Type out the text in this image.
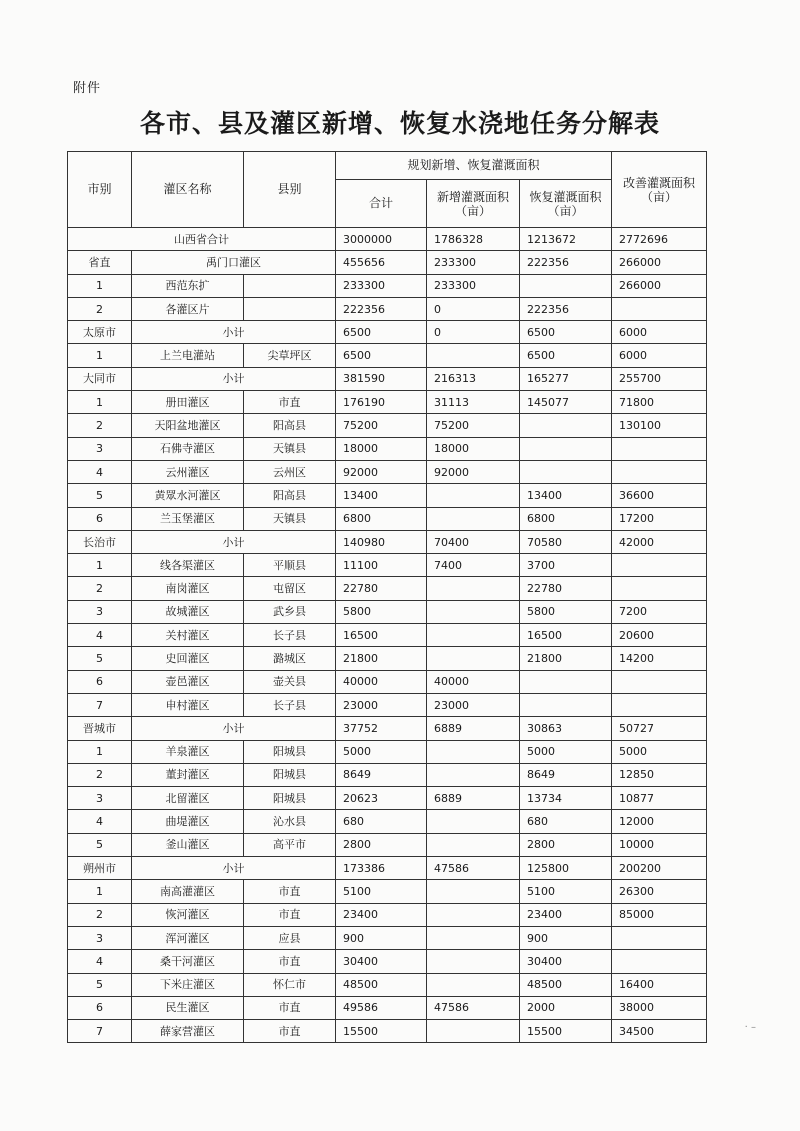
附件
各市、县及灌区新增、恢复水浇地任务分解表
市别	灌区名称	县别	规划新增、恢复灌溉面积			改善灌溉面积（亩）
			合计	新增灌溉面积（亩）	恢复灌溉面积（亩）	
山西省合计			3000000	1786328	1213672	2772696
省直	禹门口灌区		455656	233300	222356	266000
1	西范东扩		233300	233300		266000
2	各灌区片		222356	0	222356	
太原市	小计		6500	0	6500	6000
1	上兰电灌站	尖草坪区	6500		6500	6000
大同市	小计		381590	216313	165277	255700
1	册田灌区	市直	176190	31113	145077	71800
2	天阳盆地灌区	阳高县	75200	75200		130100
3	石佛寺灌区	天镇县	18000	18000		
4	云州灌区	云州区	92000	92000		
5	黄眾水河灌区	阳高县	13400		13400	36600
6	兰玉堡灌区	天镇县	6800		6800	17200
长治市	小计		140980	70400	70580	42000
1	线各渠灌区	平顺县	11100	7400	3700	
2	南岗灌区	屯留区	22780		22780	
3	故城灌区	武乡县	5800		5800	7200
4	关村灌区	长子县	16500		16500	20600
5	史回灌区	潞城区	21800		21800	14200
6	壶邑灌区	壶关县	40000	40000		
7	申村灌区	长子县	23000	23000		
晋城市	小计		37752	6889	30863	50727
1	羊泉灌区	阳城县	5000		5000	5000
2	董封灌区	阳城县	8649		8649	12850
3	北留灌区	阳城县	20623	6889	13734	10877
4	曲堤灌区	沁水县	680		680	12000
5	釜山灌区	高平市	2800		2800	10000
朔州市	小计		173386	47586	125800	200200
1	南高灌灌区	市直	5100		5100	26300
2	恢河灌区	市直	23400		23400	85000
3	浑河灌区	应县	900		900	
4	桑干河灌区	市直	30400		30400	
5	下米庄灌区	怀仁市	48500		48500	16400
6	民生灌区	市直	49586	47586	2000	38000
7	薛家营灌区	市直	15500		15500	34500	· –
